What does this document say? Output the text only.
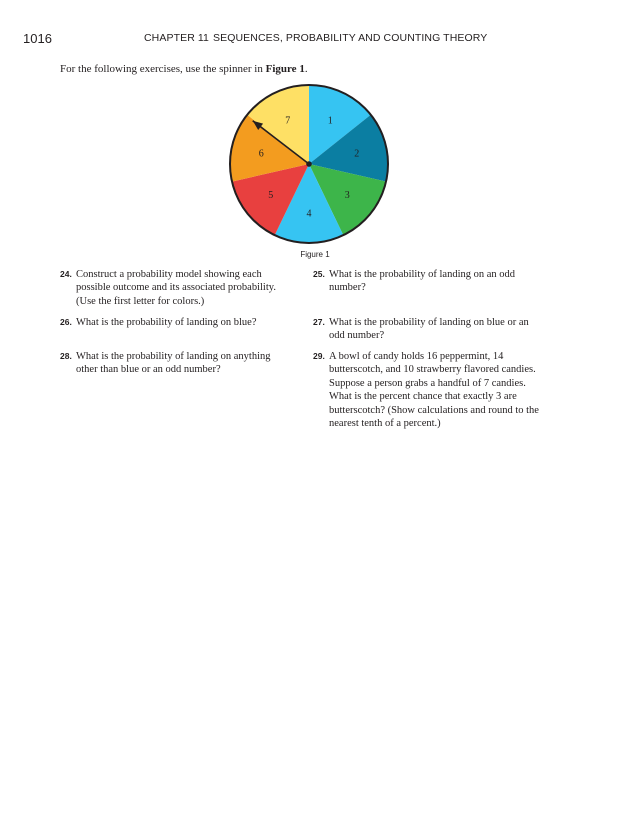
1016	CHAPTER 11 SEQUENCES, PROBABILITY AND COUNTING THEORY
For the following exercises, use the spinner in Figure 1.
1
2
3
4
5
6
7
Figure 1
24. Construct a probability model showing each possible outcome and its associated probability. (Use the first letter for colors.)
25. What is the probability of landing on an odd number?
26. What is the probability of landing on blue?	27. What is the probability of landing on blue or an odd number?
28. What is the probability of landing on anything other than blue or an odd number?
29. A bowl of candy holds 16 peppermint, 14 butterscotch, and 10 strawberry flavored candies. Suppose a person grabs a handful of 7 candies. What is the percent chance that exactly 3 are butterscotch? (Show calculations and round to the nearest tenth of a percent.)
